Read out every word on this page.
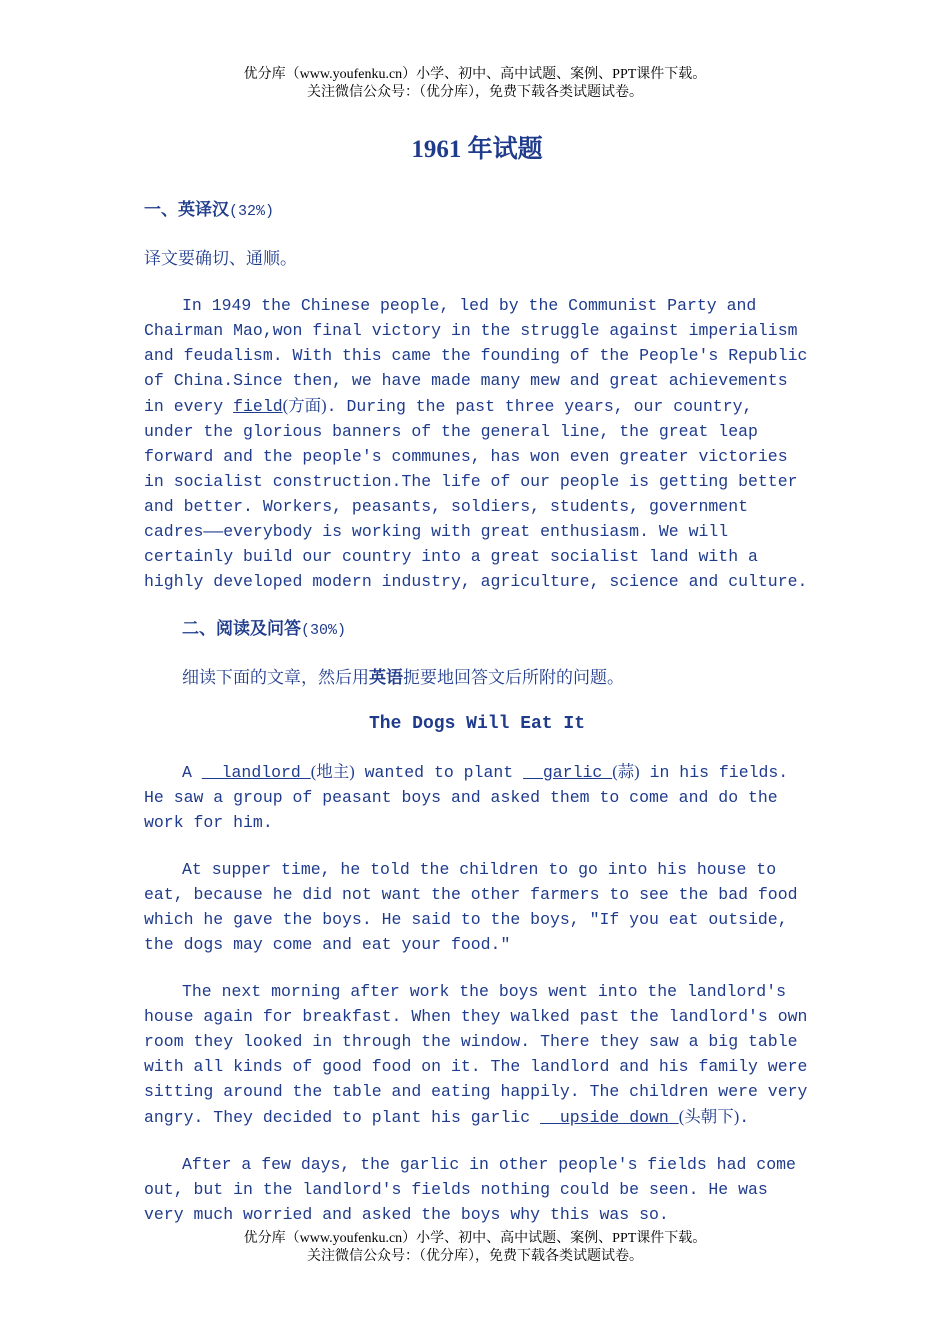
优分库（www.youfenku.cn）小学、初中、高中试题、案例、PPT课件下载。
关注微信公众号：（优分库），免费下载各类试题试卷。
1961 年试题
一、英译汉(32%)
译文要确切、通顺。
In 1949 the Chinese people, led by the Communist Party and Chairman Mao,won final victory in the struggle against imperialism and feudalism. With this came the founding of the People's Republic of China.Since then, we have made many mew and great achievements in every field(方面). During the past three years, our country, under the glorious banners of the general line, the great leap forward and the people's communes, has won even greater victories in socialist construction.The life of our people is getting better and better. Workers, peasants, soldiers, students, government cadres——everybody is working with great enthusiasm. We will certainly build our country into a great socialist land with a highly developed modern industry, agriculture, science and culture.
二、阅读及问答(30%)
细读下面的文章，然后用英语扼要地回答文后所附的问题。
The Dogs Will Eat It
A   landlord (地主) wanted to plant   garlic (蒜) in his fields. He saw a group of peasant boys and asked them to come and do the work for him.
At supper time, he told the children to go into his house to eat, because he did not want the other farmers to see the bad food which he gave the boys. He said to the boys, "If you eat outside, the dogs may come and eat your food."
The next morning after work the boys went into the landlord's house again for breakfast. When they walked past the landlord's own room they looked in through the window. There they saw a big table with all kinds of good food on it. The landlord and his family were sitting around the table and eating happily. The children were very angry. They decided to plant his garlic   upside down (头朝下).
After a few days, the garlic in other people's fields had come out, but in the landlord's fields nothing could be seen. He was very much worried and asked the boys why this was so.
优分库（www.youfenku.cn）小学、初中、高中试题、案例、PPT课件下载。
关注微信公众号：（优分库），免费下载各类试题试卷。
